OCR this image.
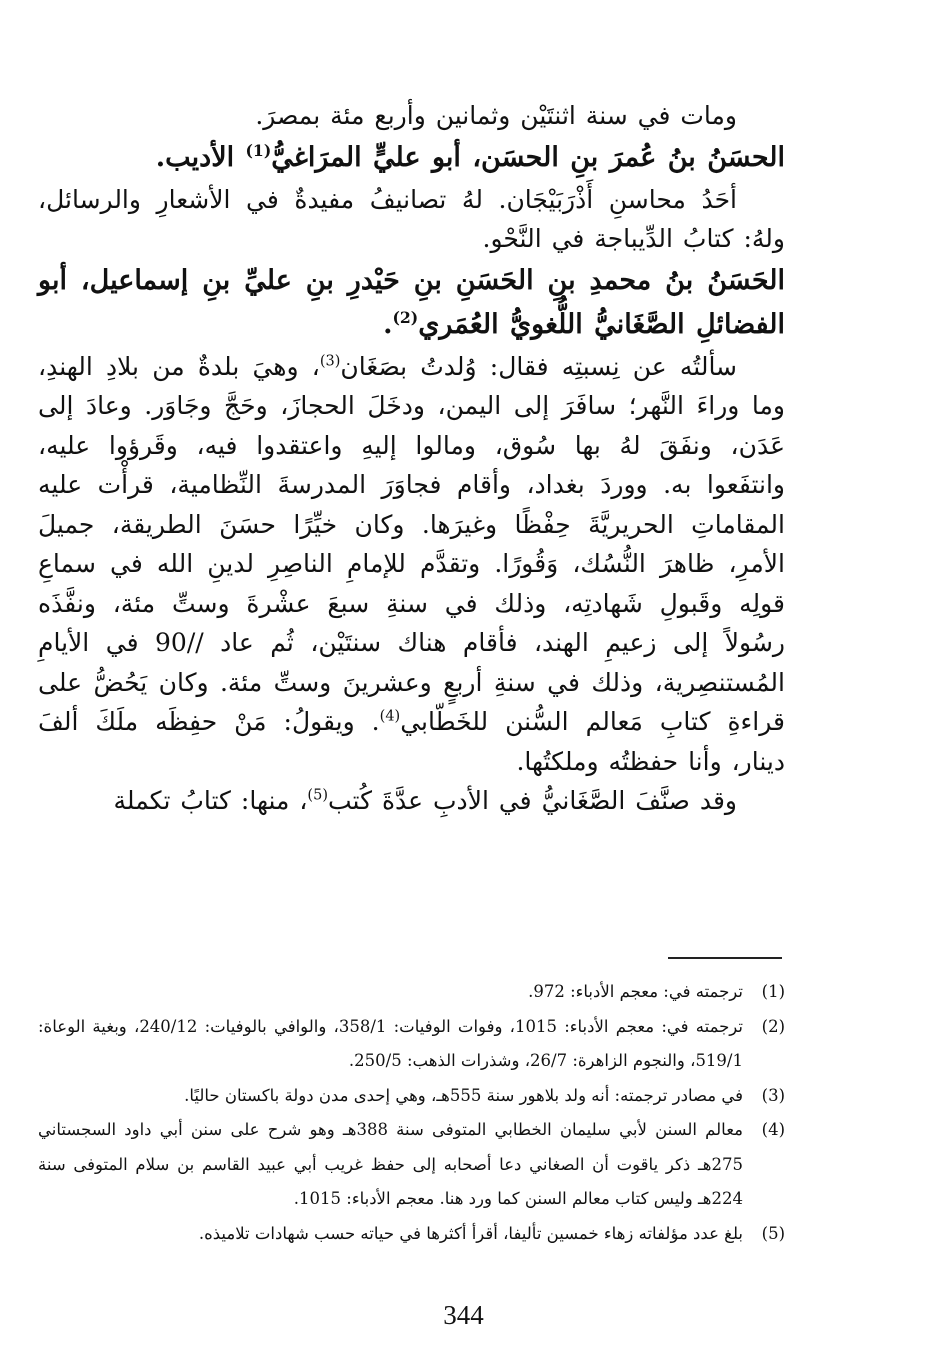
ومات في سنة اثنتَيْن وثمانين وأربع مئة بمصرَ.

الحسَنُ بنُ عُمرَ بنِ الحسَن، أبو عليٍّ المرَاغيُّ$^{(1)}$ الأديب.

أحَدُ محاسنِ أَذْرَبَيْجَان. لهُ تصانيفُ مفيدةٌ في الأشعارِ والرسائل، ولهُ: كتابُ الدِّيباجة في النَّحْو.

الحَسَنُ بنُ محمدِ بنِ الحَسَنِ بنِ حَيْدرِ بنِ عليِّ بنِ إسماعيل، أبو الفضائلِ الصَّغَانيُّ اللُّغويُّ العُمَري$^{(2)}$.

سألتُه عن نِسبتِه فقال: وُلدتُ بصَغَان$^{(3)}$، وهيَ بلدةٌ من بلادِ الهندِ، وما وراءَ النَّهر؛ سافَرَ إلى اليمن، ودخَلَ الحجازَ، وحَجَّ وجَاوَر. وعادَ إلى عَدَن، ونفَقَ لهُ بها سُوق، ومالوا إليهِ واعتقدوا فيه، وقَرؤوا عليه، وانتفَعوا به. ووردَ بغداد، وأقام فجاوَرَ المدرسةَ النِّظامية، قرأْت عليه المقاماتِ الحريريَّةَ حِفْظًا وغيرَها. وكان خيِّرًا حسَنَ الطريقة، جميلَ الأمرِ، ظاهرَ النُّسُك، وَقُورًا. وتقدَّم للإمامِ الناصِرِ لدينِ الله في سماعِ قولِه وقَبولِ شَهادتِه، وذلك في سنةِ سبعَ عشْرةَ وستِّ مئة، ونفَّذَه رسُولاً إلى زعيمِ الهند، فأقام هناك سنتَيْن، ثُم عاد //90 في الأيامِ المُستنصِرية، وذلك في سنةِ أربعٍ وعشرينَ وستِّ مئة. وكان يَحُضُّ على قراءةِ كتابِ مَعالم السُّنن للخَطّابي$^{(4)}$. ويقولُ: مَنْ حفِظَه ملَكَ ألفَ دينار، وأنا حفظتُه وملكتُها.

وقد صنَّفَ الصَّغَانيُّ في الأدبِ عدَّةَ كُتب$^{(5)}$، منها: كتابُ تكملة

(1)
ترجمته في: معجم الأدباء: 972.

(2)
ترجمته في: معجم الأدباء: 1015، وفوات الوفيات: 358/1، والوافي بالوفيات: 240/12، وبغية الوعاة: 519/1، والنجوم الزاهرة: 26/7، وشذرات الذهب: 250/5.

(3)
في مصادر ترجمته: أنه ولد بلاهور سنة 555هـ، وهي إحدى مدن دولة باكستان حاليًا.

(4)
معالم السنن لأبي سليمان الخطابي المتوفى سنة 388هـ وهو شرح على سنن أبي داود السجستاني 275هـ ذكر ياقوت أن الصغاني دعا أصحابه إلى حفظ غريب أبي عبيد القاسم بن سلام المتوفى سنة 224هـ وليس كتاب معالم السنن كما ورد هنا. معجم الأدباء: 1015.

(5)
بلغ عدد مؤلفاته زهاء خمسين تأليفا، أقرأ أكثرها في حياته حسب شهادات تلاميذه.

344
